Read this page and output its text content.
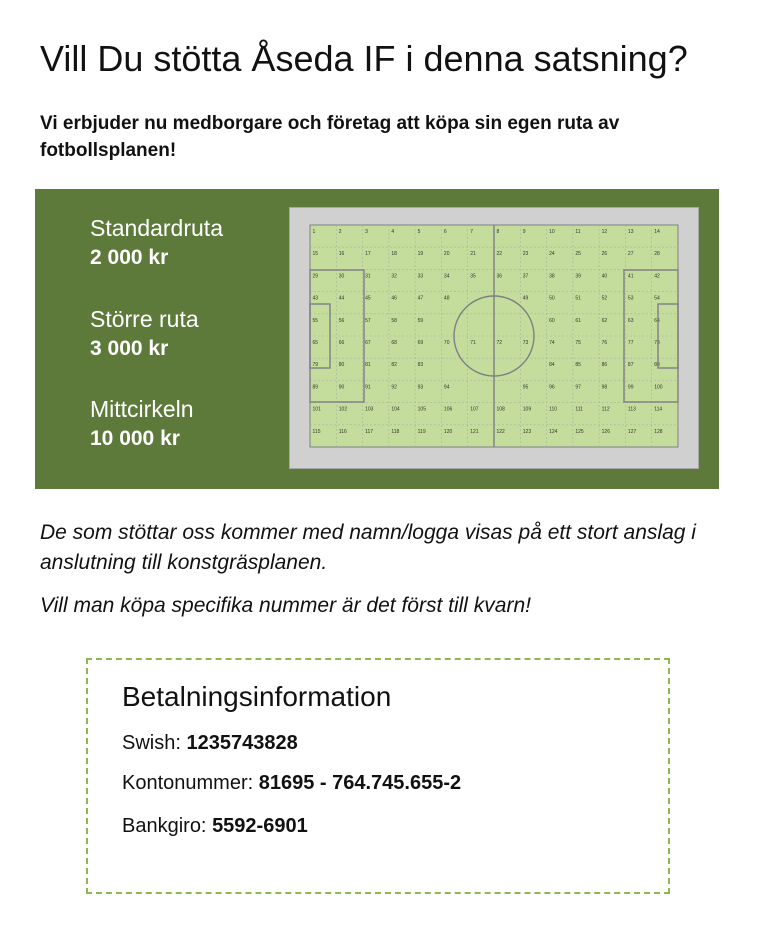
Vill Du stötta Åseda IF i denna satsning?

Vi erbjuder nu medborgare och företag att köpa sin egen ruta av fotbollsplanen!

Standardruta
2 000 kr
Större ruta
3 000 kr
Mittcirkeln
10 000 kr
1	2	3	4	5	6	7	8	9	10	11	12	13	14
15	16	17	18	19	20	21	22	23	24	25	26	27	28
29	30	31	32	33	34	35	36	37	38	39	40	41	42
43	44	45	46	47	48	49	50	51	52	53	54
55	56	57	58	59	60	61	62	63	64
65	66	67	68	69	70	71	72	73	74	75	76	77	78
79	80	81	82	83	84	85	86	87	88
89	90	91	92	93	94	95	96	97	98	99	100
101	102	103	104	105	106	107	108	109	110	111	112	113	114
115	116	117	118	119	120	121	122	123	124	125	126	127	128

De som stöttar oss kommer med namn/logga visas på ett stort anslag i anslutning till konstgräsplanen.

Vill man köpa specifika nummer är det först till kvarn!

Betalningsinformation
Swish: 1235743828
Kontonummer: 81695 - 764.745.655-2
Bankgiro: 5592-6901
